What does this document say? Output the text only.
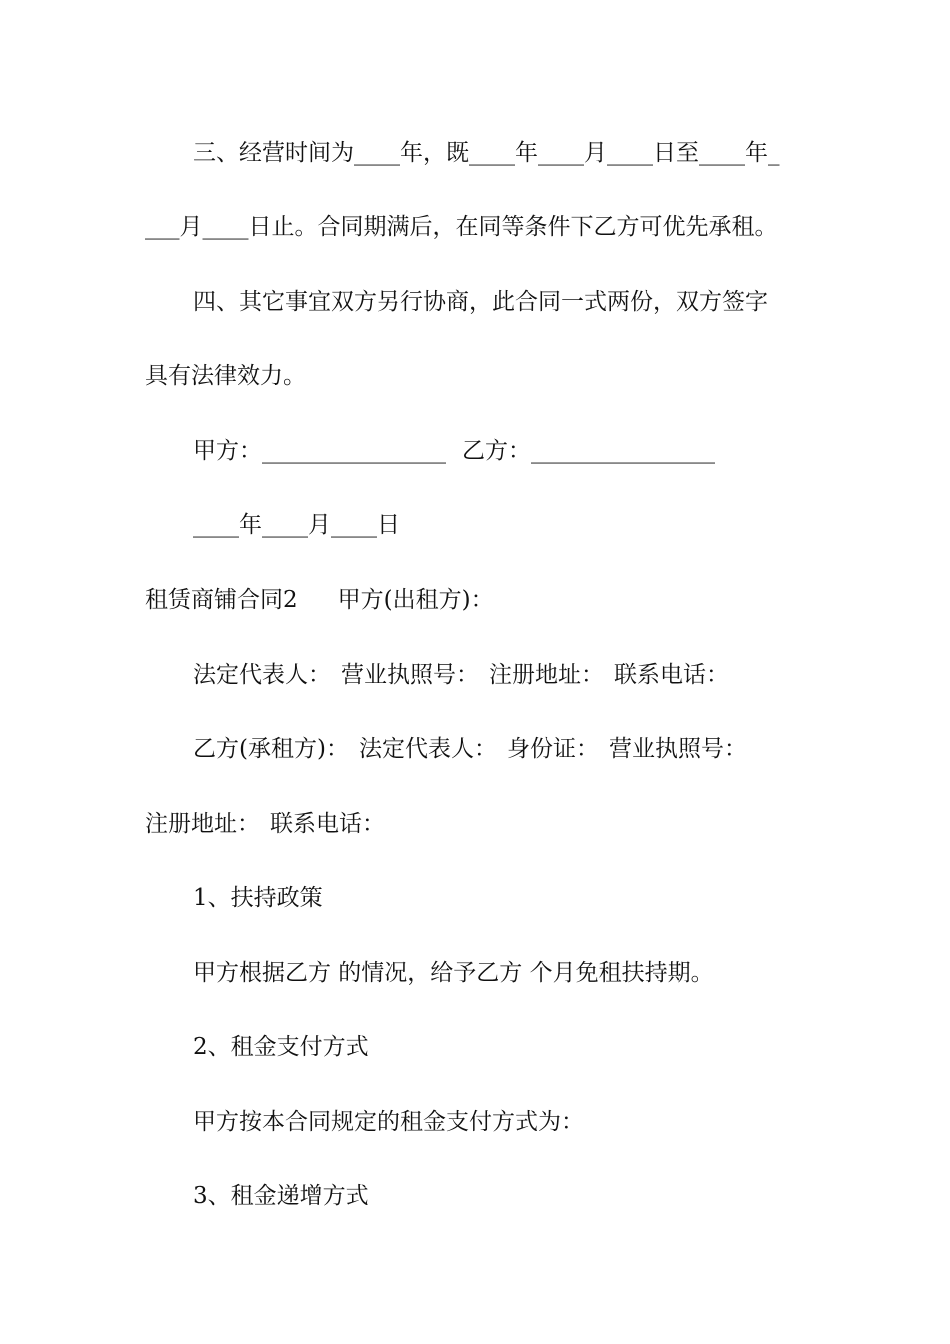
三、经营时间为____年，既____年____月____日至____年_
___月____日止。合同期满后，在同等条件下乙方可优先承租。
四、其它事宜双方另行协商，此合同一式两份，双方签字
具有法律效力。
甲方：________________ 乙方：________________
____年____月____日
租赁商铺合同2 甲方(出租方)：
法定代表人： 营业执照号： 注册地址： 联系电话：
乙方(承租方)： 法定代表人： 身份证： 营业执照号：
注册地址： 联系电话：
1、扶持政策
甲方根据乙方 的情况，给予乙方 个月免租扶持期。
2、租金支付方式
甲方按本合同规定的租金支付方式为：
3、租金递增方式
